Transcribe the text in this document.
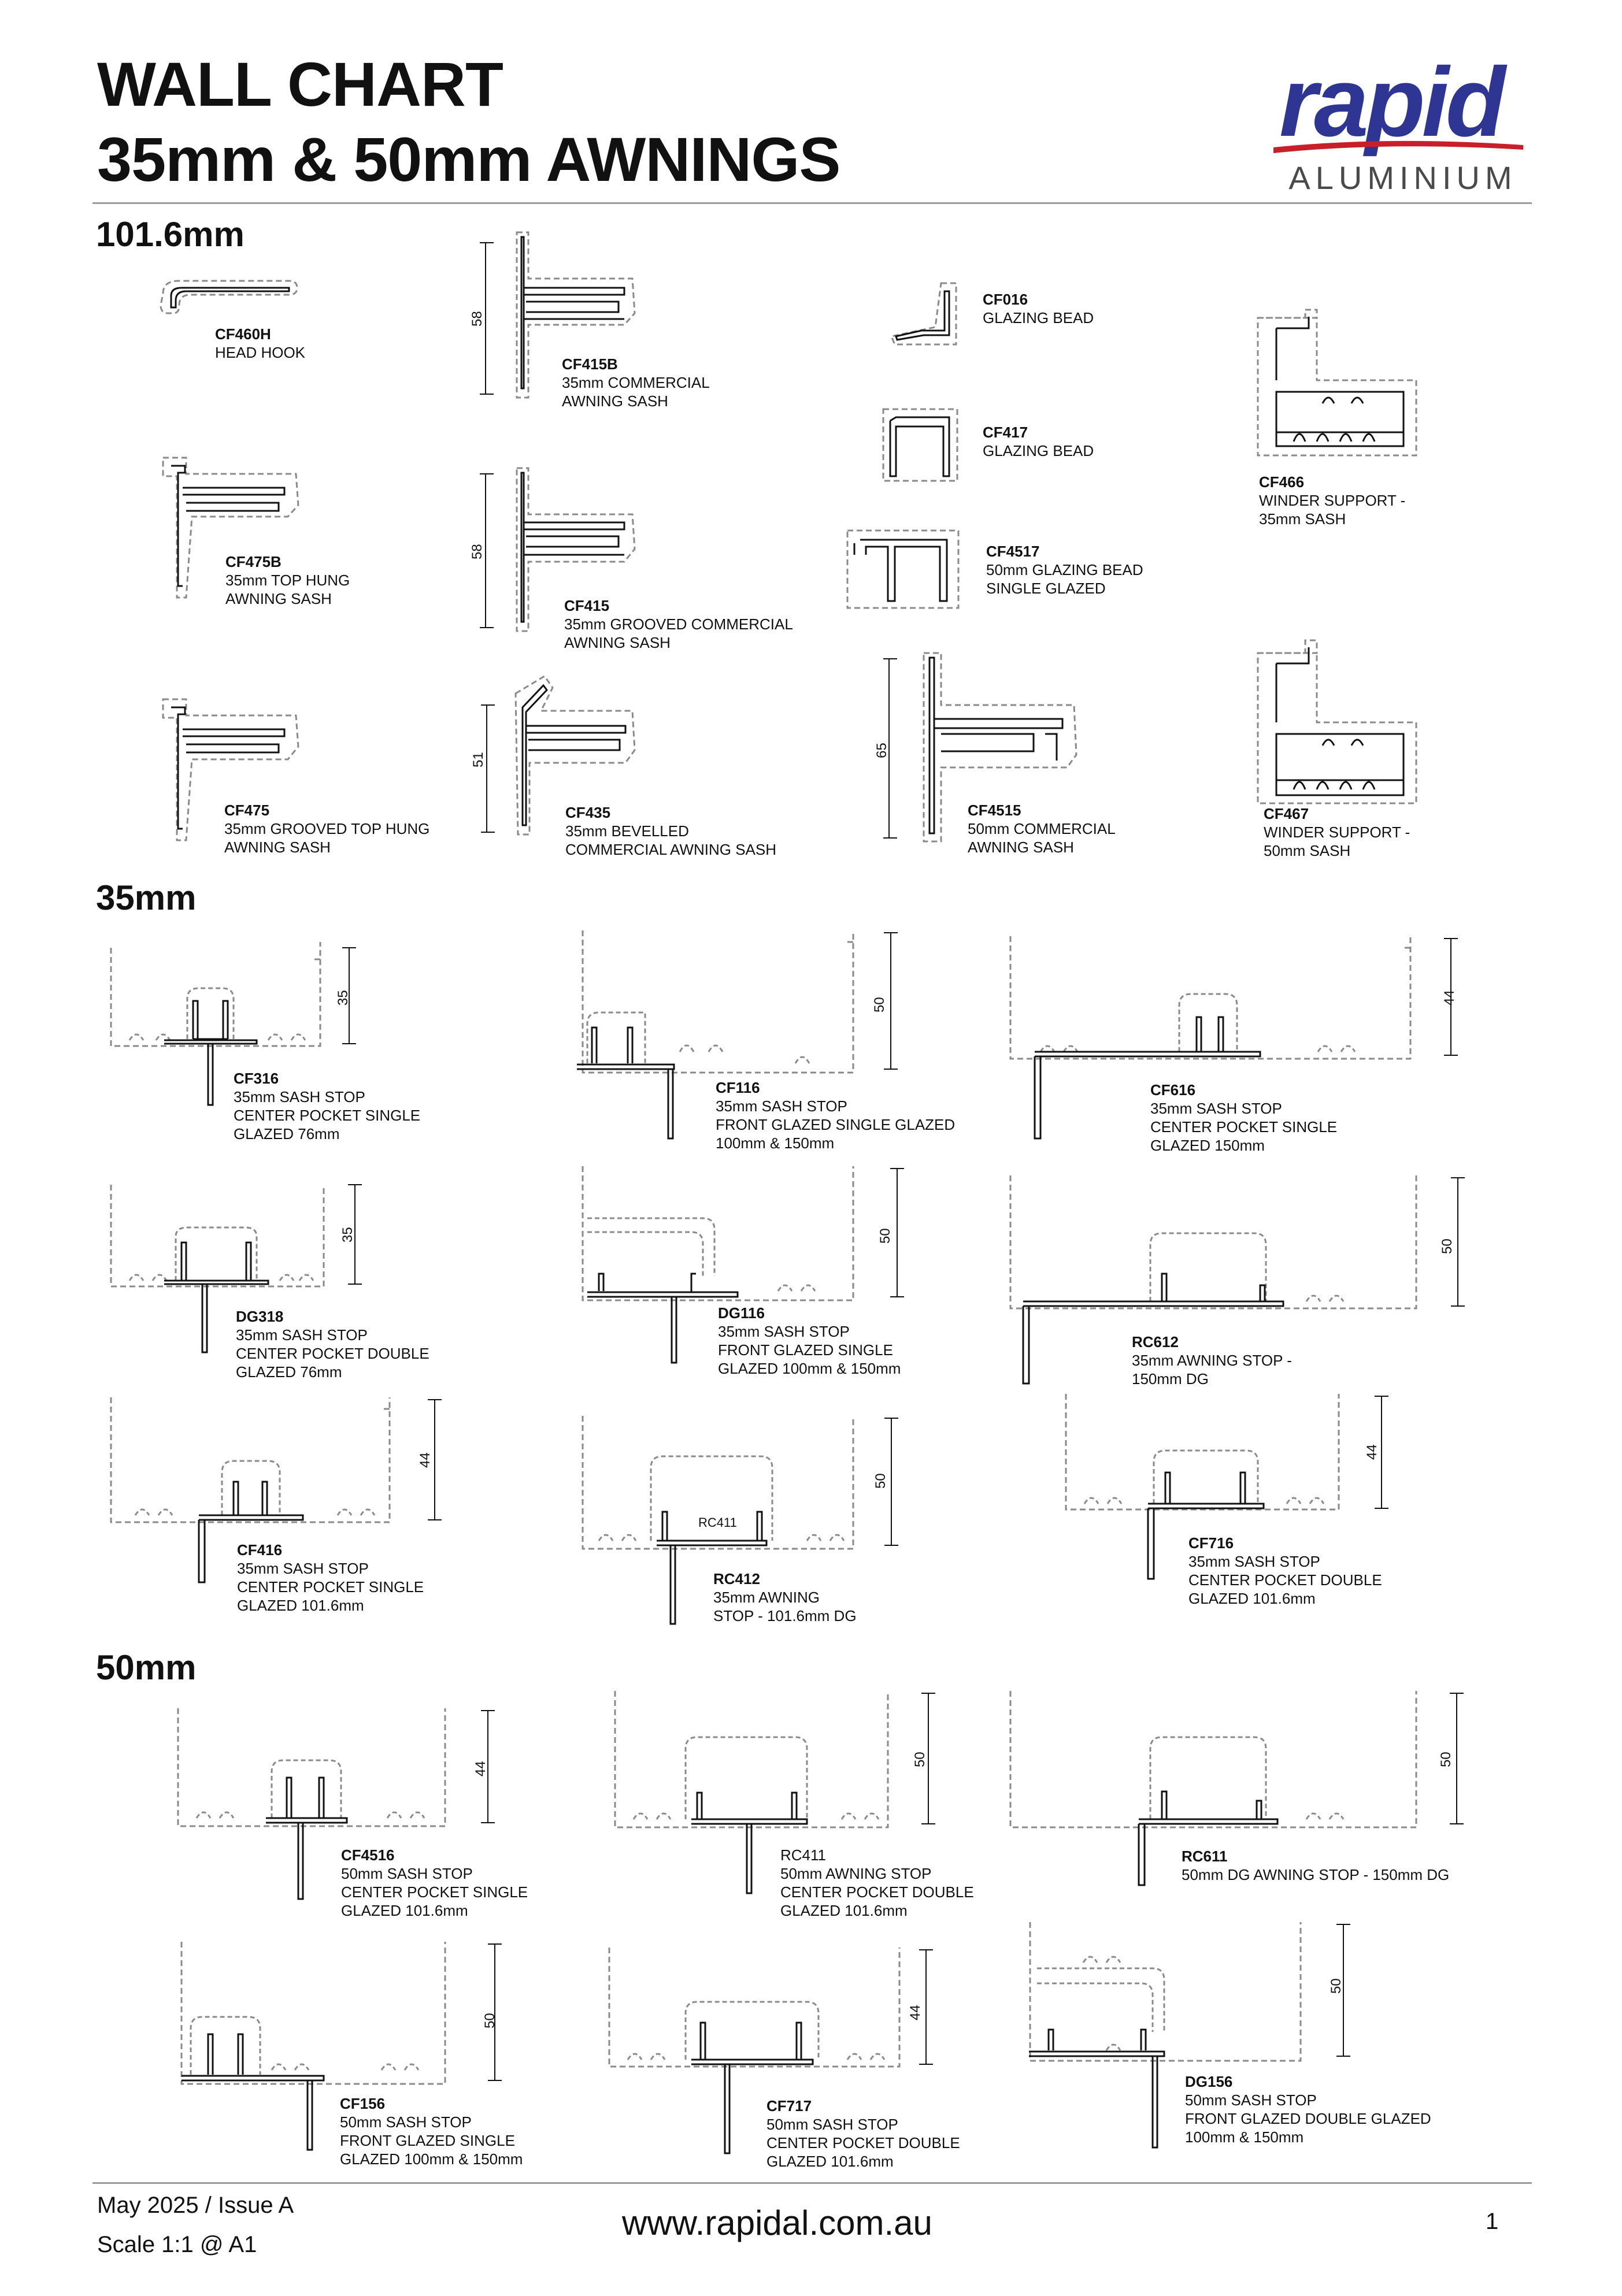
WALL CHART
35mm & 50mm AWNINGS
rapid
ALUMINIUM
101.6mm
35mm
50mm
CF460H
HEAD HOOK
58
CF415B
35mm COMMERCIAL
AWNING SASH
CF016
GLAZING BEAD
CF417
GLAZING BEAD
CF466
WINDER SUPPORT -
35mm SASH
CF475B
35mm TOP HUNG
AWNING SASH
58
CF415
35mm GROOVED COMMERCIAL
AWNING SASH
CF4517
50mm GLAZING BEAD
SINGLE GLAZED
CF475
35mm GROOVED TOP HUNG
AWNING SASH
51
CF435
35mm BEVELLED
COMMERCIAL AWNING SASH
65
CF4515
50mm COMMERCIAL
AWNING SASH
CF467
WINDER SUPPORT -
50mm SASH
35
CF316
35mm SASH STOP
CENTER POCKET SINGLE
GLAZED 76mm
50
CF116
35mm SASH STOP
FRONT GLAZED SINGLE GLAZED
100mm & 150mm
44
CF616
35mm SASH STOP
CENTER POCKET SINGLE
GLAZED 150mm
35
DG318
35mm SASH STOP
CENTER POCKET DOUBLE
GLAZED 76mm
50
DG116
35mm SASH STOP
FRONT GLAZED SINGLE
GLAZED 100mm & 150mm
50
RC612
35mm AWNING STOP -
150mm DG
44
CF416
35mm SASH STOP
CENTER POCKET SINGLE
GLAZED 101.6mm
RC411
50
RC412
35mm AWNING
STOP - 101.6mm DG
44
CF716
35mm SASH STOP
CENTER POCKET DOUBLE
GLAZED 101.6mm
44
CF4516
50mm SASH STOP
CENTER POCKET SINGLE
GLAZED 101.6mm
50
RC411
50mm AWNING STOP
CENTER POCKET DOUBLE
GLAZED 101.6mm
50
RC611
50mm DG AWNING STOP - 150mm DG
50
CF156
50mm SASH STOP
FRONT GLAZED SINGLE
GLAZED 100mm & 150mm
44
CF717
50mm SASH STOP
CENTER POCKET DOUBLE
GLAZED 101.6mm
50
DG156
50mm SASH STOP
FRONT GLAZED DOUBLE GLAZED
100mm & 150mm
May 2025 / Issue A
Scale 1:1 @ A1
www.rapidal.com.au	1
